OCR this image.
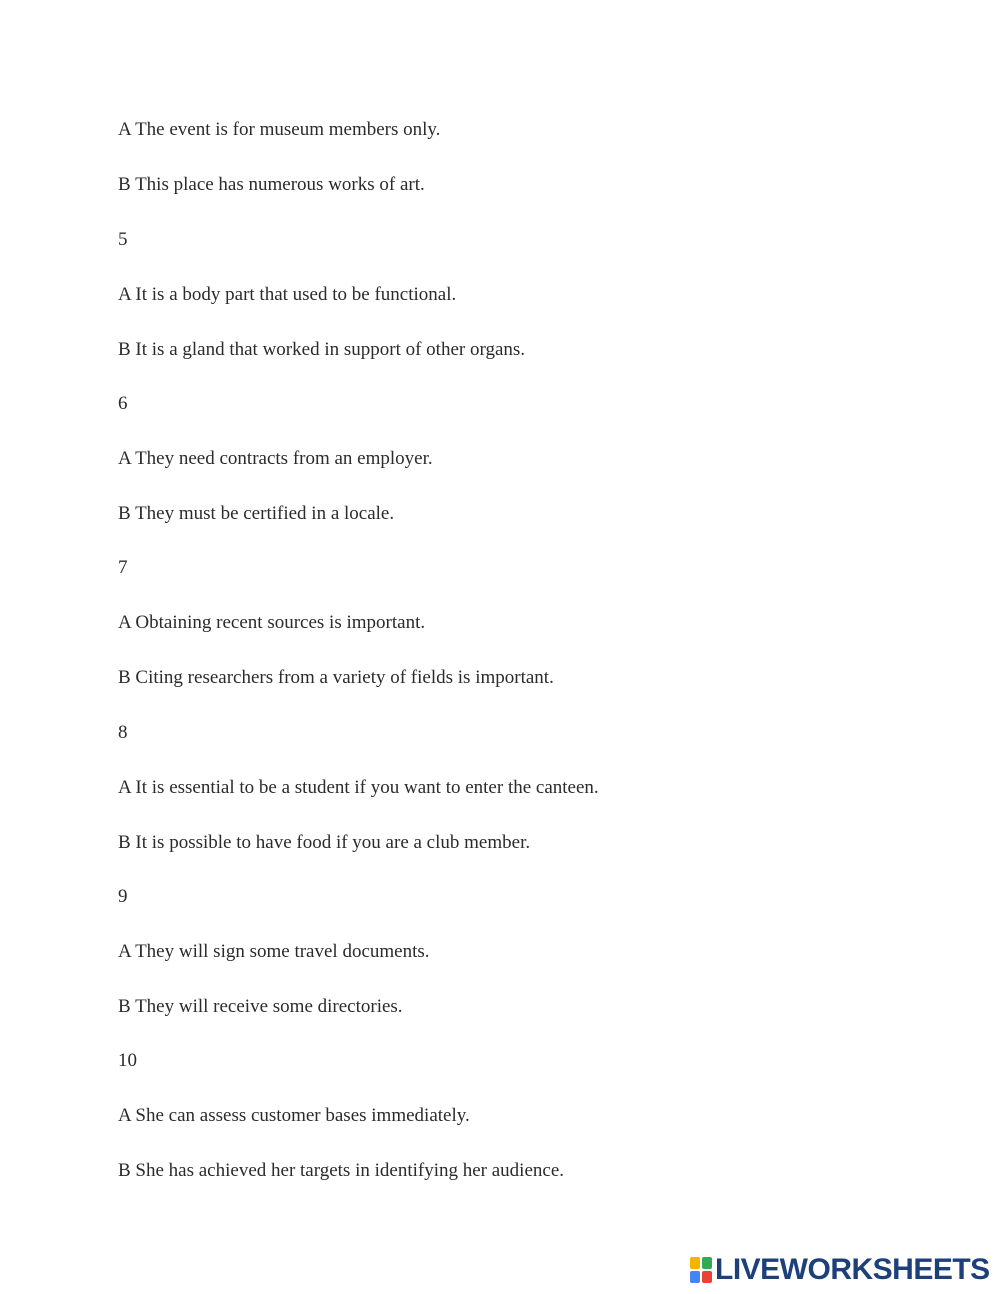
A The event is for museum members only.
B This place has numerous works of art.
5
A It is a body part that used to be functional.
B It is a gland that worked in support of other organs.
6
A They need contracts from an employer.
B They must be certified in a locale.
7
A Obtaining recent sources is important.
B Citing researchers from a variety of fields is important.
8
A It is essential to be a student if you want to enter the canteen.
B It is possible to have food if you are a club member.
9
A They will sign some travel documents.
B They will receive some directories.
10
A She can assess customer bases immediately.
B She has achieved her targets in identifying her audience.
LIVEWORKSHEETS
